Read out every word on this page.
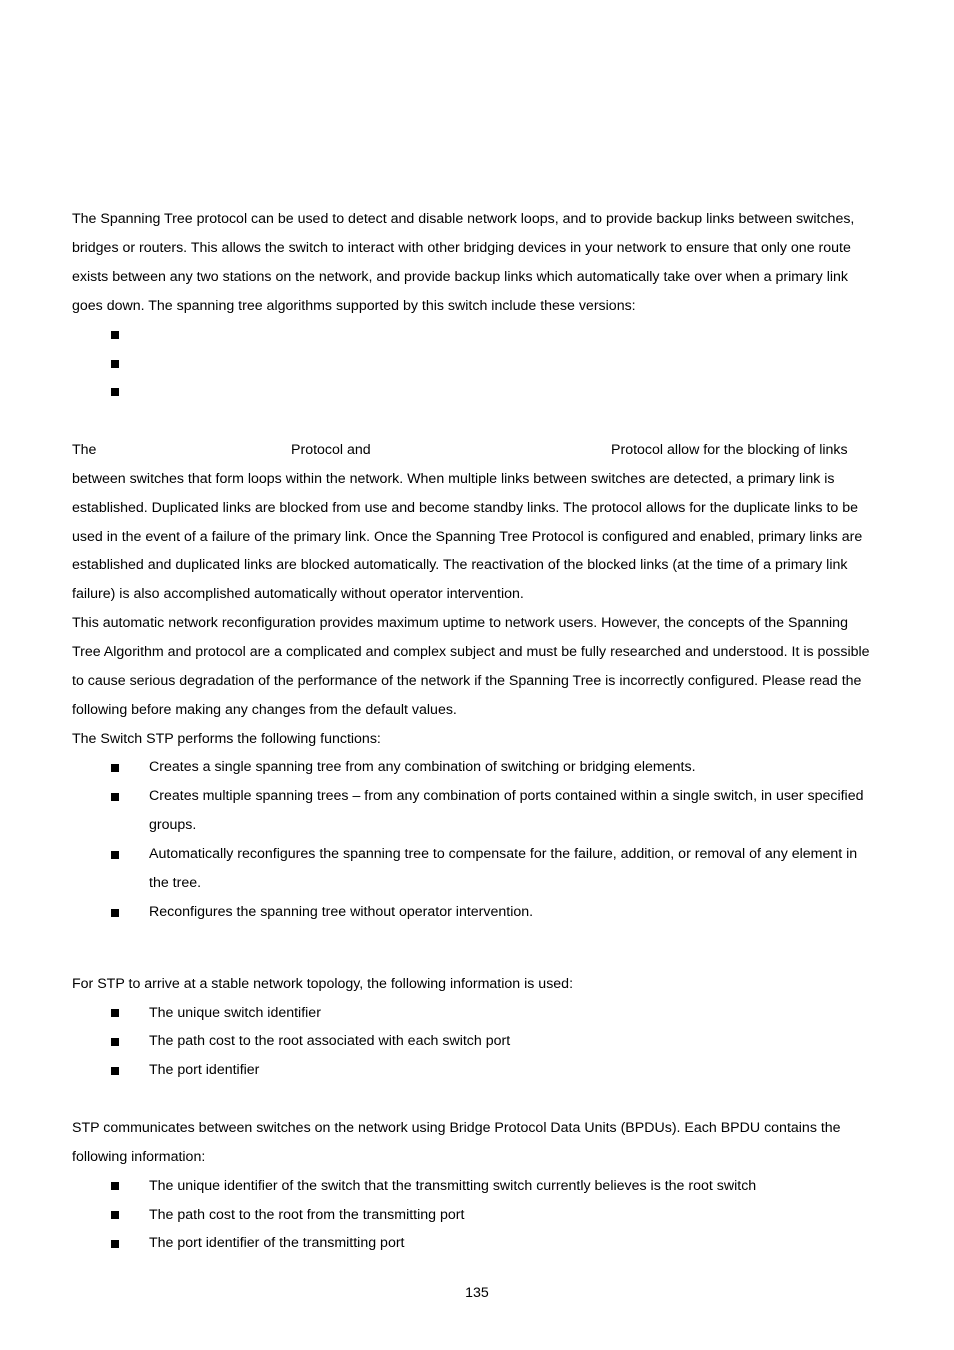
The Spanning Tree protocol can be used to detect and disable network loops, and to provide backup links between switches,
bridges or routers. This allows the switch to interact with other bridging devices in your network to ensure that only one route
exists between any two stations on the network, and provide backup links which automatically take over when a primary link
goes down. The spanning tree algorithms supported by this switch include these versions:
The	Protocol and	Protocol allow for the blocking of links
between switches that form loops within the network. When multiple links between switches are detected, a primary link is
established. Duplicated links are blocked from use and become standby links. The protocol allows for the duplicate links to be
used in the event of a failure of the primary link. Once the Spanning Tree Protocol is configured and enabled, primary links are
established and duplicated links are blocked automatically. The reactivation of the blocked links (at the time of a primary link
failure) is also accomplished automatically without operator intervention.
This automatic network reconfiguration provides maximum uptime to network users. However, the concepts of the Spanning
Tree Algorithm and protocol are a complicated and complex subject and must be fully researched and understood. It is possible
to cause serious degradation of the performance of the network if the Spanning Tree is incorrectly configured. Please read the
following before making any changes from the default values.
The Switch STP performs the following functions:
Creates a single spanning tree from any combination of switching or bridging elements.
Creates multiple spanning trees – from any combination of ports contained within a single switch, in user specified
groups.
Automatically reconfigures the spanning tree to compensate for the failure, addition, or removal of any element in
the tree.
Reconfigures the spanning tree without operator intervention.
For STP to arrive at a stable network topology, the following information is used:
The unique switch identifier
The path cost to the root associated with each switch port
The port identifier
STP communicates between switches on the network using Bridge Protocol Data Units (BPDUs). Each BPDU contains the
following information:
The unique identifier of the switch that the transmitting switch currently believes is the root switch
The path cost to the root from the transmitting port
The port identifier of the transmitting port
135
